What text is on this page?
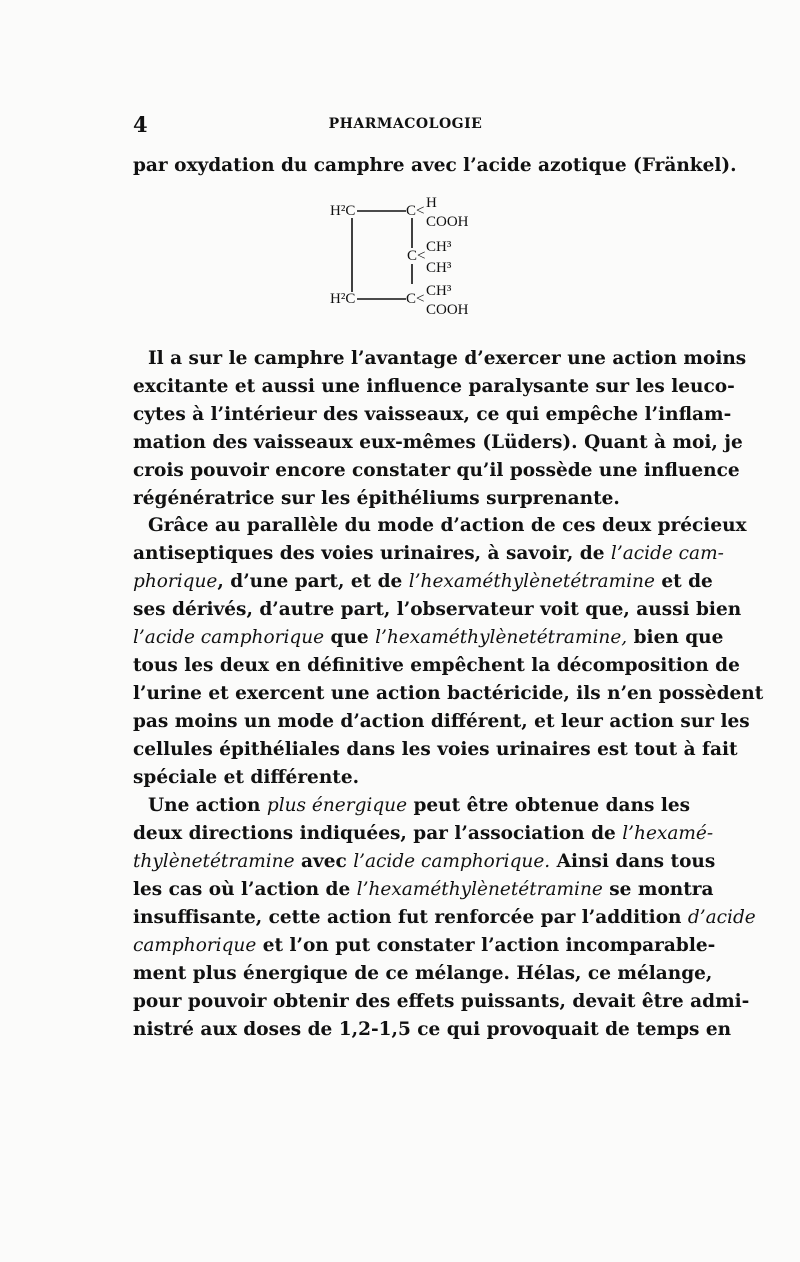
4	PHARMACOLOGIE
par oxydation du camphre avec l’acide azotique (Fränkel).
H²C	C < H
COOH
C <
CH³
CH³
H²C	C < CH³
COOH
Il a sur le camphre l’avantage d’exercer une action moins
excitante et aussi une influence paralysante sur les leuco-
cytes à l’intérieur des vaisseaux, ce qui empêche l’inflam-
mation des vaisseaux eux-mêmes (Lüders). Quant à moi, je
crois pouvoir encore constater qu’il possède une influence
régénératrice sur les épithéliums surprenante.
Grâce au parallèle du mode d’action de ces deux précieux
antiseptiques des voies urinaires, à savoir, de l’acide cam-
phorique, d’une part, et de l’hexaméthylènetétramine et de
ses dérivés, d’autre part, l’observateur voit que, aussi bien
l’acide camphorique que l’hexaméthylènetétramine, bien que
tous les deux en définitive empêchent la décomposition de
l’urine et exercent une action bactéricide, ils n’en possèdent
pas moins un mode d’action différent, et leur action sur les
cellules épithéliales dans les voies urinaires est tout à fait
spéciale et différente.
Une action plus énergique peut être obtenue dans les
deux directions indiquées, par l’association de l’hexamé-
thylènetétramine avec l’acide camphorique. Ainsi dans tous
les cas où l’action de l’hexaméthylènetétramine se montra
insuffisante, cette action fut renforcée par l’addition d’acide
camphorique et l’on put constater l’action incomparable-
ment plus énergique de ce mélange. Hélas, ce mélange,
pour pouvoir obtenir des effets puissants, devait être admi-
nistré aux doses de 1,2-1,5 ce qui provoquait de temps en
